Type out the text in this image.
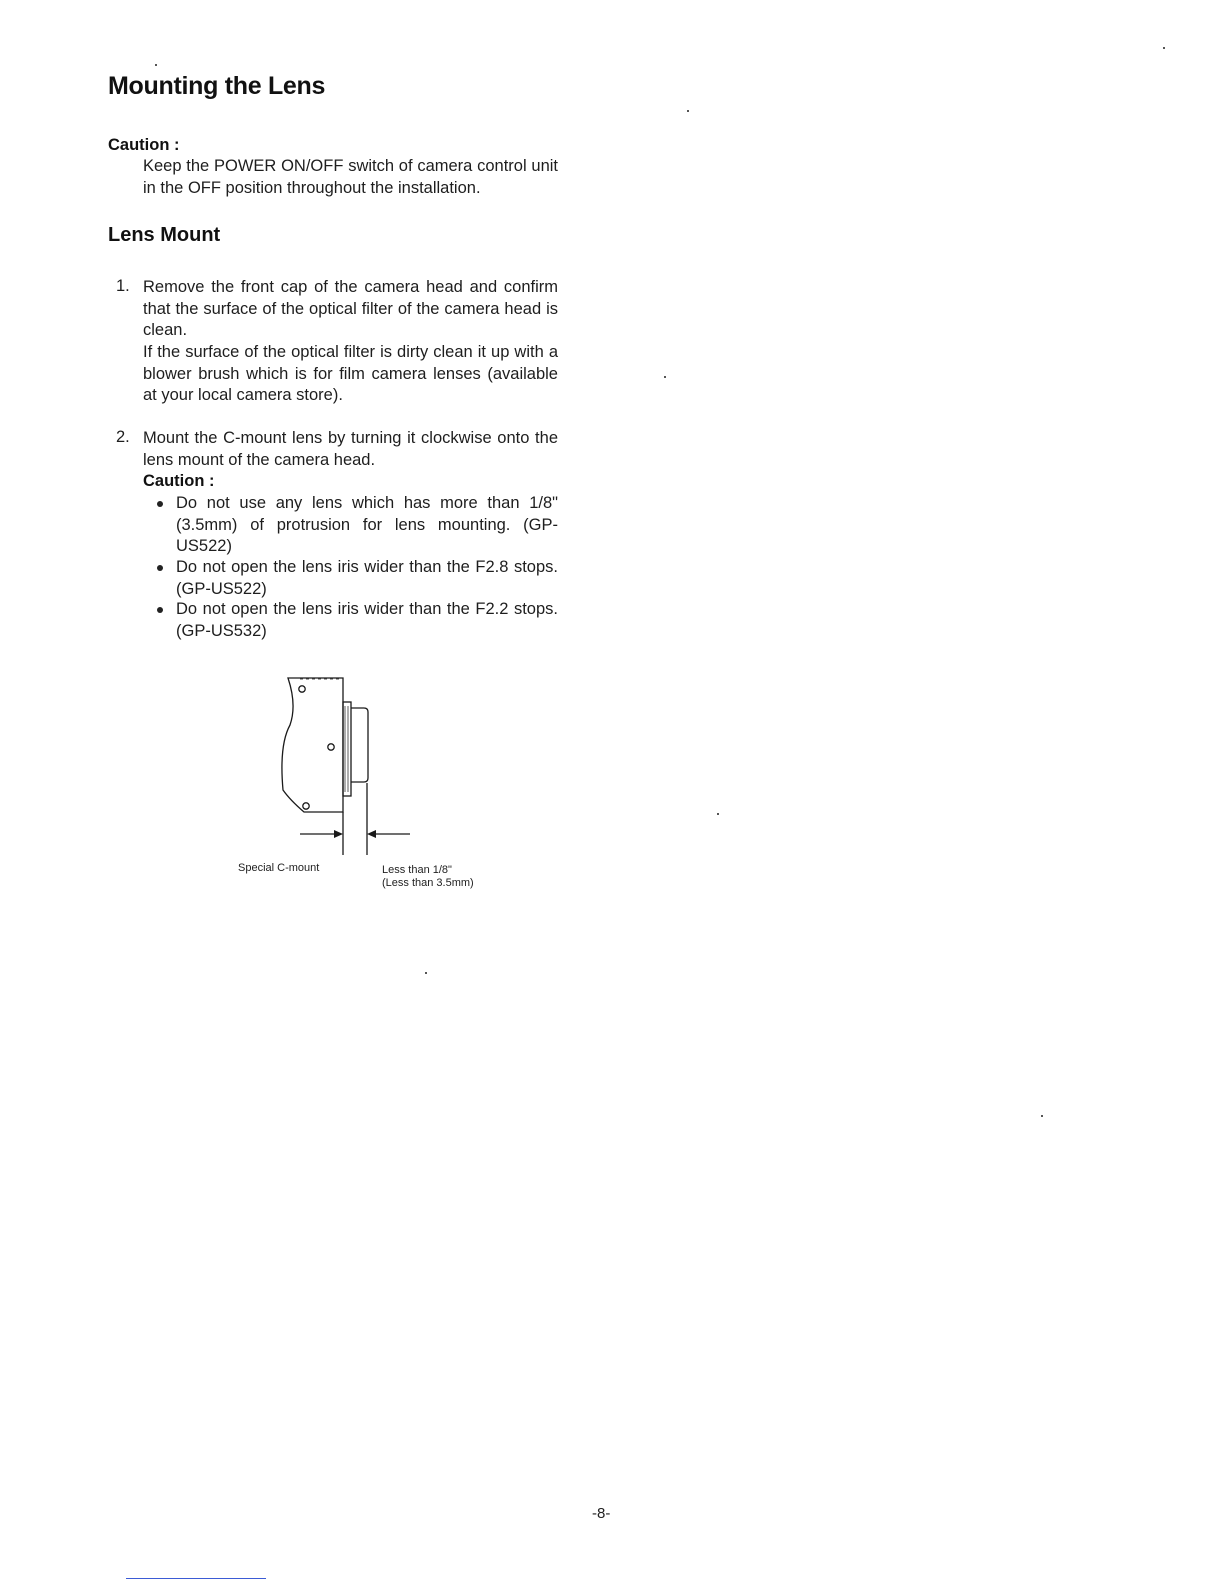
Mounting the Lens
Caution :
Keep the POWER ON/OFF switch of camera control unit in the OFF position throughout the installation.
Lens Mount
1. Remove the front cap of the camera head and confirm that the surface of the optical filter of the camera head is clean.
If the surface of the optical filter is dirty clean it up with a blower brush which is for film camera lenses (available at your local camera store).
2. Mount the C-mount lens by turning it clockwise onto the lens mount of the camera head.
Caution :
Do not use any lens which has more than 1/8" (3.5mm) of protrusion for lens mounting. (GP-US522)
Do not open the lens iris wider than the F2.8 stops. (GP-US522)
Do not open the lens iris wider than the F2.2 stops. (GP-US532)
Special C-mount	Less than 1/8"
(Less than 3.5mm)
-8-
